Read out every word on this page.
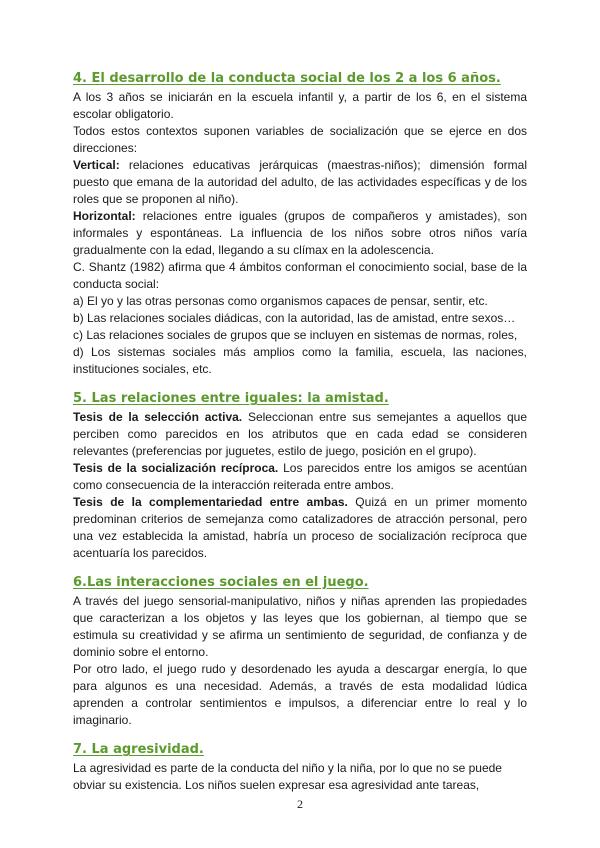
4. El desarrollo de la conducta social de los 2 a los 6 años.

A los 3 años se iniciarán en la escuela infantil y, a partir de los 6, en el sistema escolar obligatorio.

Todos estos contextos suponen variables de socialización que se ejerce en dos direcciones:

Vertical: relaciones educativas jerárquicas (maestras-niños); dimensión formal puesto que emana de la autoridad del adulto, de las actividades específicas y de los roles que se proponen al niño).

Horizontal: relaciones entre iguales (grupos de compañeros y amistades), son informales y espontáneas. La influencia de los niños sobre otros niños varía gradualmente con la edad, llegando a su clímax en la adolescencia.

C. Shantz (1982) afirma que 4 ámbitos conforman el conocimiento social, base de la conducta social:

a) El yo y las otras personas como organismos capaces de pensar, sentir, etc.

b) Las relaciones sociales diádicas, con la autoridad, las de amistad, entre sexos…

c) Las relaciones sociales de grupos que se incluyen en sistemas de normas, roles,

d) Los sistemas sociales más amplios como la familia, escuela, las naciones, instituciones sociales, etc.

5. Las relaciones entre iguales: la amistad.

Tesis de la selección activa. Seleccionan entre sus semejantes a aquellos que perciben como parecidos en los atributos que en cada edad se consideren relevantes (preferencias por juguetes, estilo de juego, posición en el grupo).

Tesis de la socialización recíproca. Los parecidos entre los amigos se acentúan como consecuencia de la interacción reiterada entre ambos.

Tesis de la complementariedad entre ambas. Quizá en un primer momento predominan criterios de semejanza como catalizadores de atracción personal, pero una vez establecida la amistad, habría un proceso de socialización recíproca que acentuaría los parecidos.

6.Las interacciones sociales en el juego.

A través del juego sensorial-manipulativo, niños y niñas aprenden las propiedades que caracterizan a los objetos y las leyes que los gobiernan, al tiempo que se estimula su creatividad y se afirma un sentimiento de seguridad, de confianza y de dominio sobre el entorno.

Por otro lado, el juego rudo y desordenado les ayuda a descargar energía, lo que para algunos es una necesidad. Además, a través de esta modalidad lúdica aprenden a controlar sentimientos e impulsos, a diferenciar entre lo real y lo imaginario.

7. La agresividad.

La agresividad es parte de la conducta del niño y la niña, por lo que no se puede obviar su existencia. Los niños suelen expresar esa agresividad ante tareas,

2
